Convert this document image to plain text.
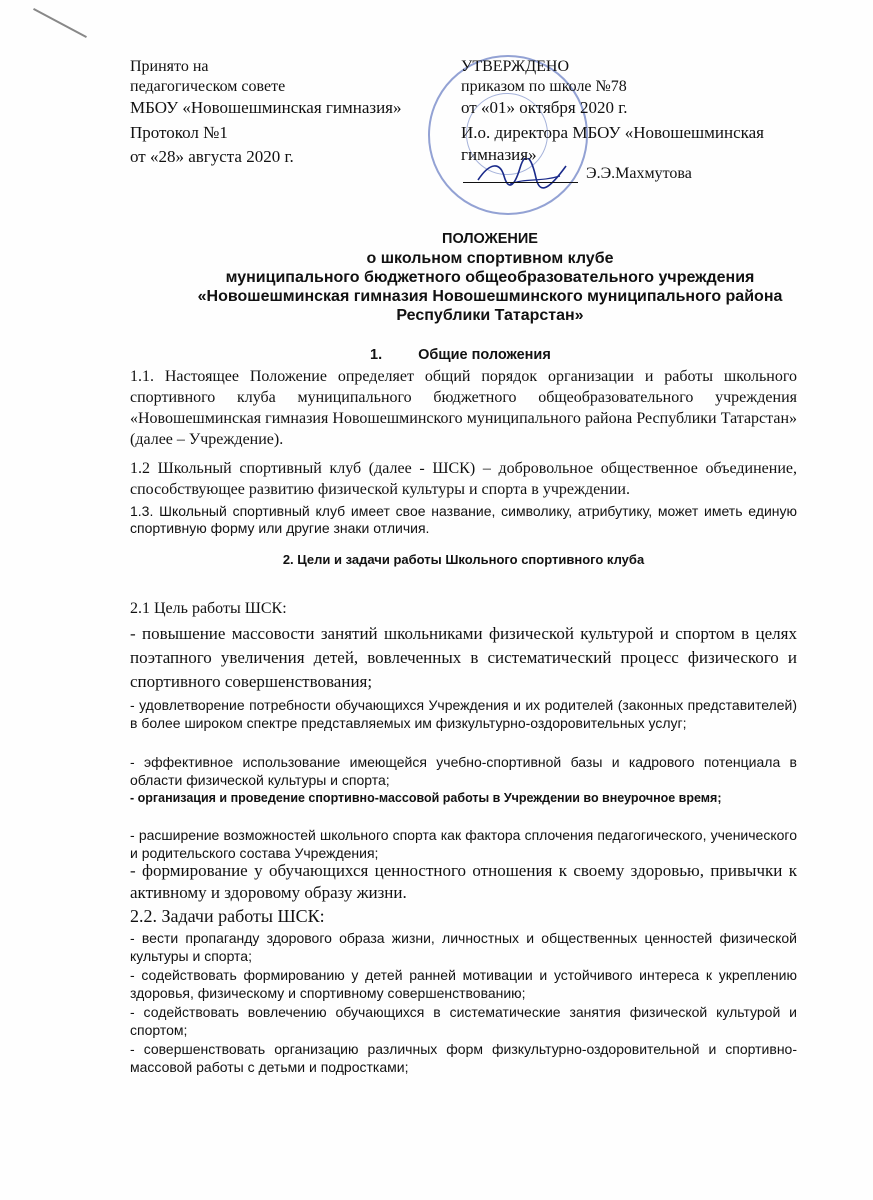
Принято на
педагогическом совете
МБОУ «Новошешминская гимназия»
Протокол №1
от «28» августа 2020 г.
УТВЕРЖДЕНО
приказом по школе №78
от «01» октября 2020 г.
И.о. директора МБОУ «Новошешминская
гимназия»
Э.Э.Махмутова
ПОЛОЖЕНИЕ
о школьном спортивном клубе
муниципального бюджетного общеобразовательного учреждения
«Новошешминская гимназия Новошешминского муниципального района
Республики Татарстан»
1. Общие положения
1.1. Настоящее Положение определяет общий порядок организации и работы школьного спортивного клуба муниципального бюджетного общеобразовательного учреждения «Новошешминская гимназия Новошешминского муниципального района Республики Татарстан» (далее – Учреждение).
1.2 Школьный спортивный клуб (далее - ШСК) – добровольное общественное объединение, способствующее развитию физической культуры и спорта в учреждении.
1.3. Школьный спортивный клуб имеет свое название, символику, атрибутику, может иметь единую спортивную форму или другие знаки отличия.
2. Цели и задачи работы Школьного спортивного клуба
2.1 Цель работы ШСК:
- повышение массовости занятий школьниками физической культурой и спортом в целях поэтапного увеличения детей, вовлеченных в систематический процесс физического и спортивного совершенствования;
- удовлетворение потребности обучающихся Учреждения и их родителей (законных представителей) в более широком спектре представляемых им физкультурно-оздоровительных услуг;
- эффективное использование имеющейся учебно-спортивной базы и кадрового потенциала в области физической культуры и спорта;
- организация и проведение спортивно-массовой работы в Учреждении во внеурочное время;
- расширение возможностей школьного спорта как фактора сплочения педагогического, ученического и родительского состава Учреждения;
- формирование у обучающихся ценностного отношения к своему здоровью, привычки к активному и здоровому образу жизни.
2.2. Задачи работы ШСК:
- вести пропаганду здорового образа жизни, личностных и общественных ценностей физической культуры и спорта;
- содействовать формированию у детей ранней мотивации и устойчивого интереса к укреплению здоровья, физическому и спортивному совершенствованию;
- содействовать вовлечению обучающихся в систематические занятия физической культурой и спортом;
- совершенствовать организацию различных форм физкультурно-оздоровительной и спортивно-массовой работы с детьми и подростками;
